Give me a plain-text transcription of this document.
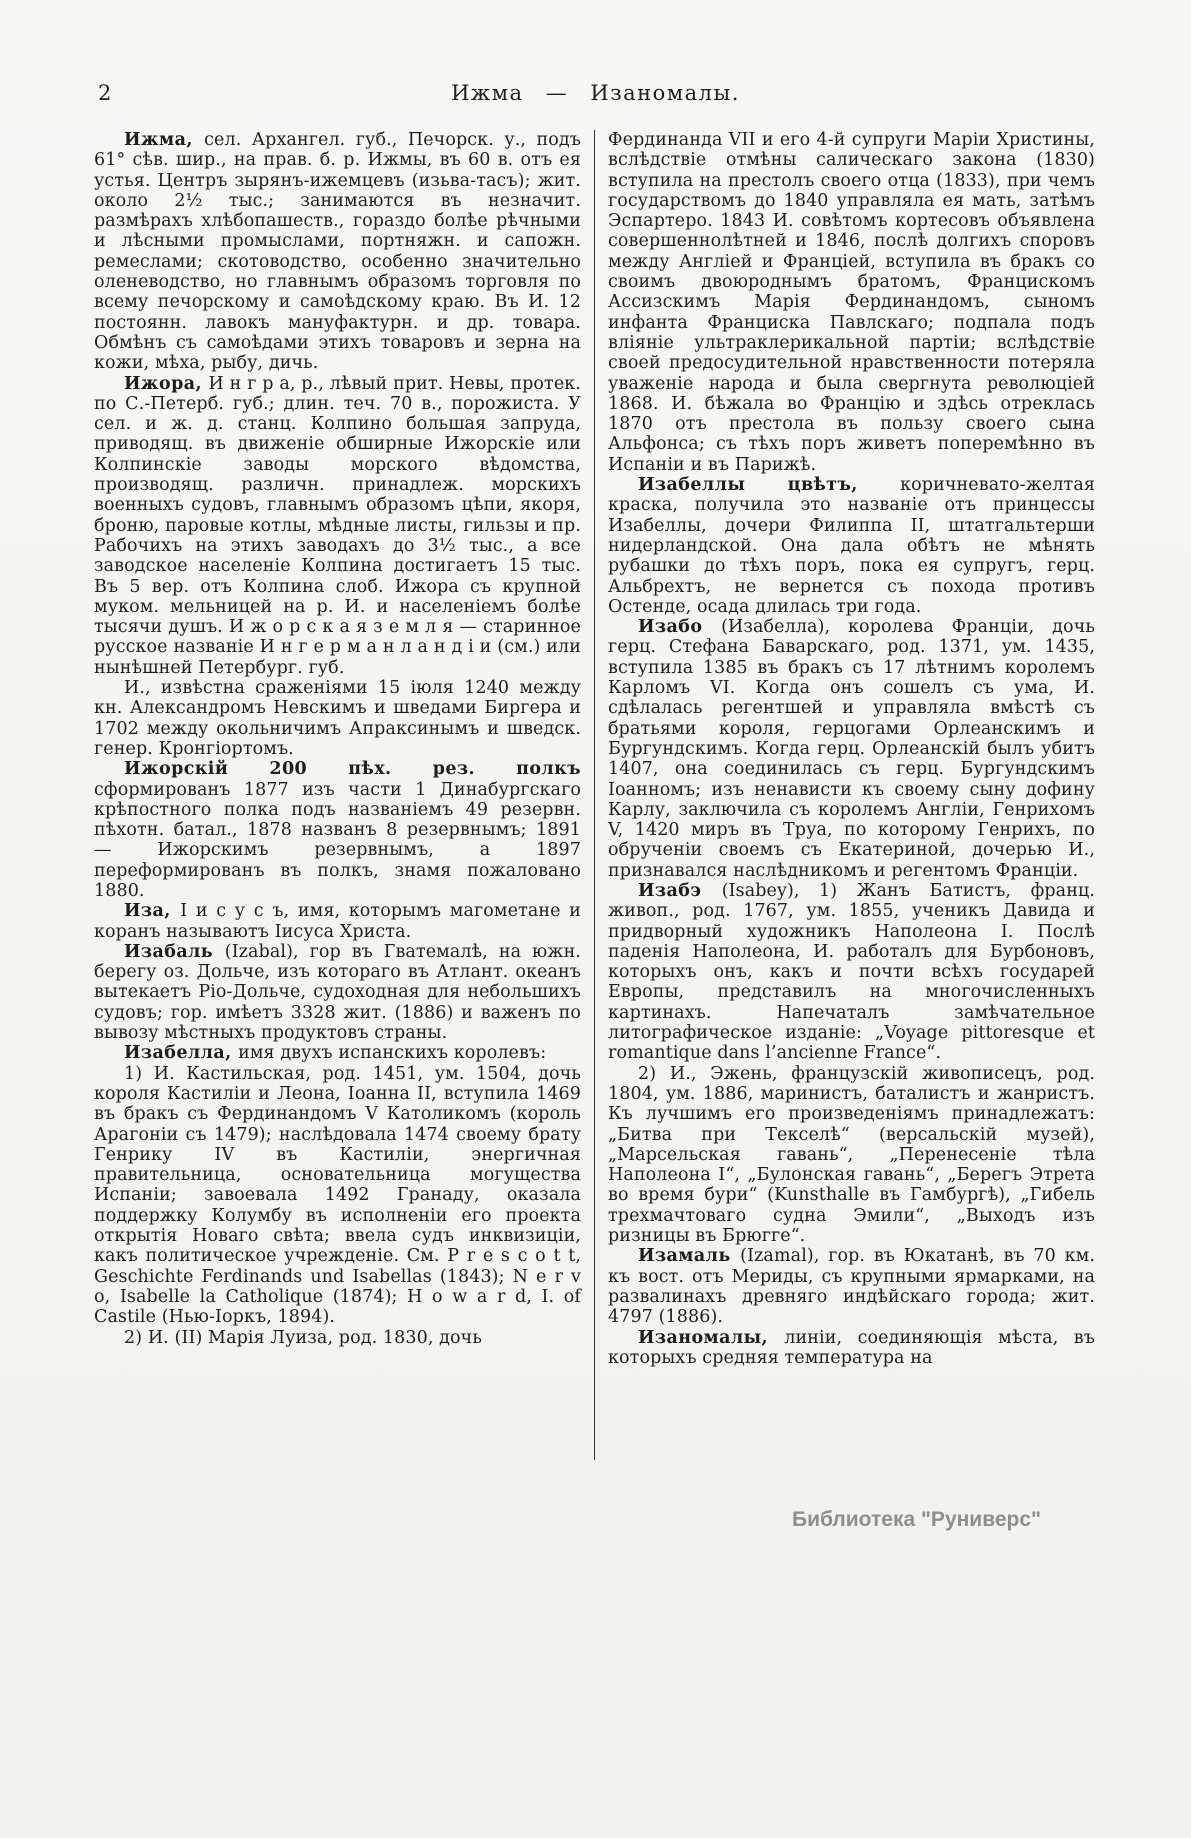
2	Ижма — Изаномалы.

Ижма, сел. Архангел. губ., Печорск. у., подъ 61° сѣв. шир., на прав. б. р. Ижмы, въ 60 в. отъ ея устья. Центръ зырянъ-ижемцевъ (изьва-тасъ); жит. около 2½ тыс.; занимаются въ незначит. размѣрахъ хлѣбопашеств., гораздо болѣе рѣчными и лѣсными промыслами, портняжн. и сапожн. ремеслами; скотоводство, особенно значительно оленеводство, но главнымъ образомъ торговля по всему печорскому и самоѣдскому краю. Въ И. 12 постоянн. лавокъ мануфактурн. и др. товара. Обмѣнъ съ самоѣдами этихъ товаровъ и зерна на кожи, мѣха, рыбу, дичь.

Ижора, И н г р а, р., лѣвый прит. Невы, протек. по С.-Петерб. губ.; длин. теч. 70 в., порожиста. У сел. и ж. д. станц. Колпино большая запруда, приводящ. въ движеніе обширные Ижорскіе или Колпинскіе заводы морского вѣдомства, производящ. различн. принадлеж. морскихъ военныхъ судовъ, главнымъ образомъ цѣпи, якоря, броню, паровые котлы, мѣдные листы, гильзы и пр. Рабочихъ на этихъ заводахъ до 3½ тыс., а все заводское населеніе Колпина достигаетъ 15 тыс. Въ 5 вер. отъ Колпина слоб. Ижора съ крупной муком. мельницей на р. И. и населеніемъ болѣе тысячи душъ. И ж о р с к а я з е м л я — старинное русское названіе И н г е р м а н л а н д і и (см.) или нынѣшней Петербург. губ.

И., извѣстна сраженіями 15 іюля 1240 между кн. Александромъ Невскимъ и шведами Биргера и 1702 между окольничимъ Апраксинымъ и шведск. генер. Кронгіортомъ.

Ижорскій 200 пѣх. рез. полкъ сформированъ 1877 изъ части 1 Динабургскаго крѣпостного полка подъ названіемъ 49 резервн. пѣхотн. батал., 1878 названъ 8 резервнымъ; 1891 — Ижорскимъ резервнымъ, а 1897 переформированъ въ полкъ, знамя пожаловано 1880.

Иза, І и с у с ъ, имя, которымъ магометане и коранъ называютъ Іисуса Христа.

Изабаль (Izabal), гор въ Гватемалѣ, на южн. берегу оз. Дольче, изъ котораго въ Атлант. океанъ вытекаетъ Ріо-Дольче, судоходная для небольшихъ судовъ; гор. имѣетъ 3328 жит. (1886) и важенъ по вывозу мѣстныхъ продуктовъ страны.

Изабелла, имя двухъ испанскихъ королевъ:

1) И. Кастильская, род. 1451, ум. 1504, дочь короля Кастиліи и Леона, Іоанна II, вступила 1469 въ бракъ съ Фердинандомъ V Католикомъ (король Арагоніи съ 1479); наслѣдовала 1474 своему брату Генрику IV въ Кастиліи, энергичная правительница, основательница могущества Испаніи; завоевала 1492 Гранаду, оказала поддержку Колумбу въ исполненіи его проекта открытія Новаго свѣта; ввела судъ инквизиціи, какъ политическое учрежденіе. См. P r e s c o t t, Geschichte Ferdinands und Isabellas (1843); N e r v o, Isabelle la Catholique (1874); H o w a r d, I. of Castile (Нью-Іоркъ, 1894).

2) И. (II) Марія Луиза, род. 1830, дочь

Фердинанда VII и его 4-й супруги Маріи Христины, вслѣдствіе отмѣны салическаго закона (1830) вступила на престолъ своего отца (1833), при чемъ государствомъ до 1840 управляла ея мать, затѣмъ Эспартеро. 1843 И. совѣтомъ кортесовъ объявлена совершеннолѣтней и 1846, послѣ долгихъ споровъ между Англіей и Франціей, вступила въ бракъ со своимъ двоюроднымъ братомъ, Францискомъ Ассизскимъ Марія Фердинандомъ, сыномъ инфанта Франциска Павлскаго; подпала подъ вліяніе ультраклерикальной партіи; вслѣдствіе своей предосудительной нравственности потеряла уваженіе народа и была свергнута революціей 1868. И. бѣжала во Францію и здѣсь отреклась 1870 отъ престола въ пользу своего сына Альфонса; съ тѣхъ поръ живетъ поперемѣнно въ Испаніи и въ Парижѣ.

Изабеллы цвѣтъ, коричневато-желтая краска, получила это названіе отъ принцессы Изабеллы, дочери Филиппа II, штатгальтерши нидерландской. Она дала обѣтъ не мѣнять рубашки до тѣхъ поръ, пока ея супругъ, герц. Альбрехтъ, не вернется съ похода противъ Остенде, осада длилась три года.

Изабо (Изабелла), королева Франціи, дочь герц. Стефана Баварскаго, род. 1371, ум. 1435, вступила 1385 въ бракъ съ 17 лѣтнимъ королемъ Карломъ VI. Когда онъ сошелъ съ ума, И. сдѣлалась регентшей и управляла вмѣстѣ съ братьями короля, герцогами Орлеанскимъ и Бургундскимъ. Когда герц. Орлеанскій былъ убитъ 1407, она соединилась съ герц. Бургундскимъ Іоанномъ; изъ ненависти къ своему сыну дофину Карлу, заключила съ королемъ Англіи, Генрихомъ V, 1420 миръ въ Труа, по которому Генрихъ, по обрученіи своемъ съ Екатериной, дочерью И., признавался наслѣдникомъ и регентомъ Франціи.

Изабэ (Isabey), 1) Жанъ Батистъ, франц. живоп., род. 1767, ум. 1855, ученикъ Давида и придворный художникъ Наполеона I. Послѣ паденія Наполеона, И. работалъ для Бурбоновъ, которыхъ онъ, какъ и почти всѣхъ государей Европы, представилъ на многочисленныхъ картинахъ. Напечаталъ замѣчательное литографическое изданіе: „Voyage pittoresque et romantique dans l’ancienne France“.

2) И., Эжень, французскій живописецъ, род. 1804, ум. 1886, маринистъ, баталистъ и жанристъ. Къ лучшимъ его произведеніямъ принадлежатъ: „Битва при Текселѣ“ (версальскій музей), „Марсельская гавань“, „Перенесеніе тѣла Наполеона I“, „Булонская гавань“, „Берегъ Этрета во время бури“ (Kunsthalle въ Гамбургѣ), „Гибель трехмачтоваго судна Эмили“, „Выходъ изъ ризницы въ Брюгге“.

Изамаль (Izamal), гор. въ Юкатанѣ, въ 70 км. къ вост. отъ Мериды, съ крупными ярмарками, на развалинахъ древняго индѣйскаго города; жит. 4797 (1886).

Изаномалы, линіи, соединяющія мѣста, въ которыхъ средняя температура на

Библиотека "Руниверс"
